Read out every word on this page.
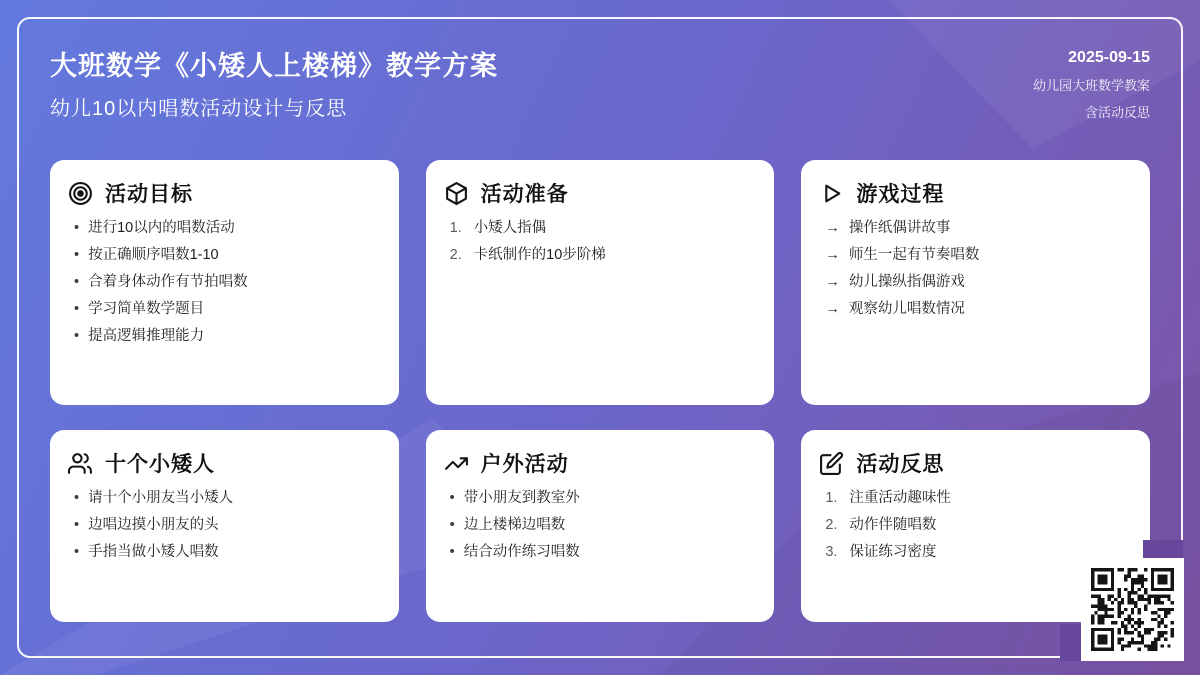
大班数学《小矮人上楼梯》教学方案
幼儿10以内唱数活动设计与反思
2025-09-15
幼儿园大班数学教案
含活动反思
活动目标
• 进行10以内的唱数活动
• 按正确顺序唱数1-10
• 合着身体动作有节拍唱数
• 学习简单数学题目
• 提高逻辑推理能力
活动准备
1. 小矮人指偶
2. 卡纸制作的10步阶梯
游戏过程
→ 操作纸偶讲故事
→ 师生一起有节奏唱数
→ 幼儿操纵指偶游戏
→ 观察幼儿唱数情况
十个小矮人
• 请十个小朋友当小矮人
• 边唱边摸小朋友的头
• 手指当做小矮人唱数
户外活动
• 带小朋友到教室外
• 边上楼梯边唱数
• 结合动作练习唱数
活动反思
1. 注重活动趣味性
2. 动作伴随唱数
3. 保证练习密度
